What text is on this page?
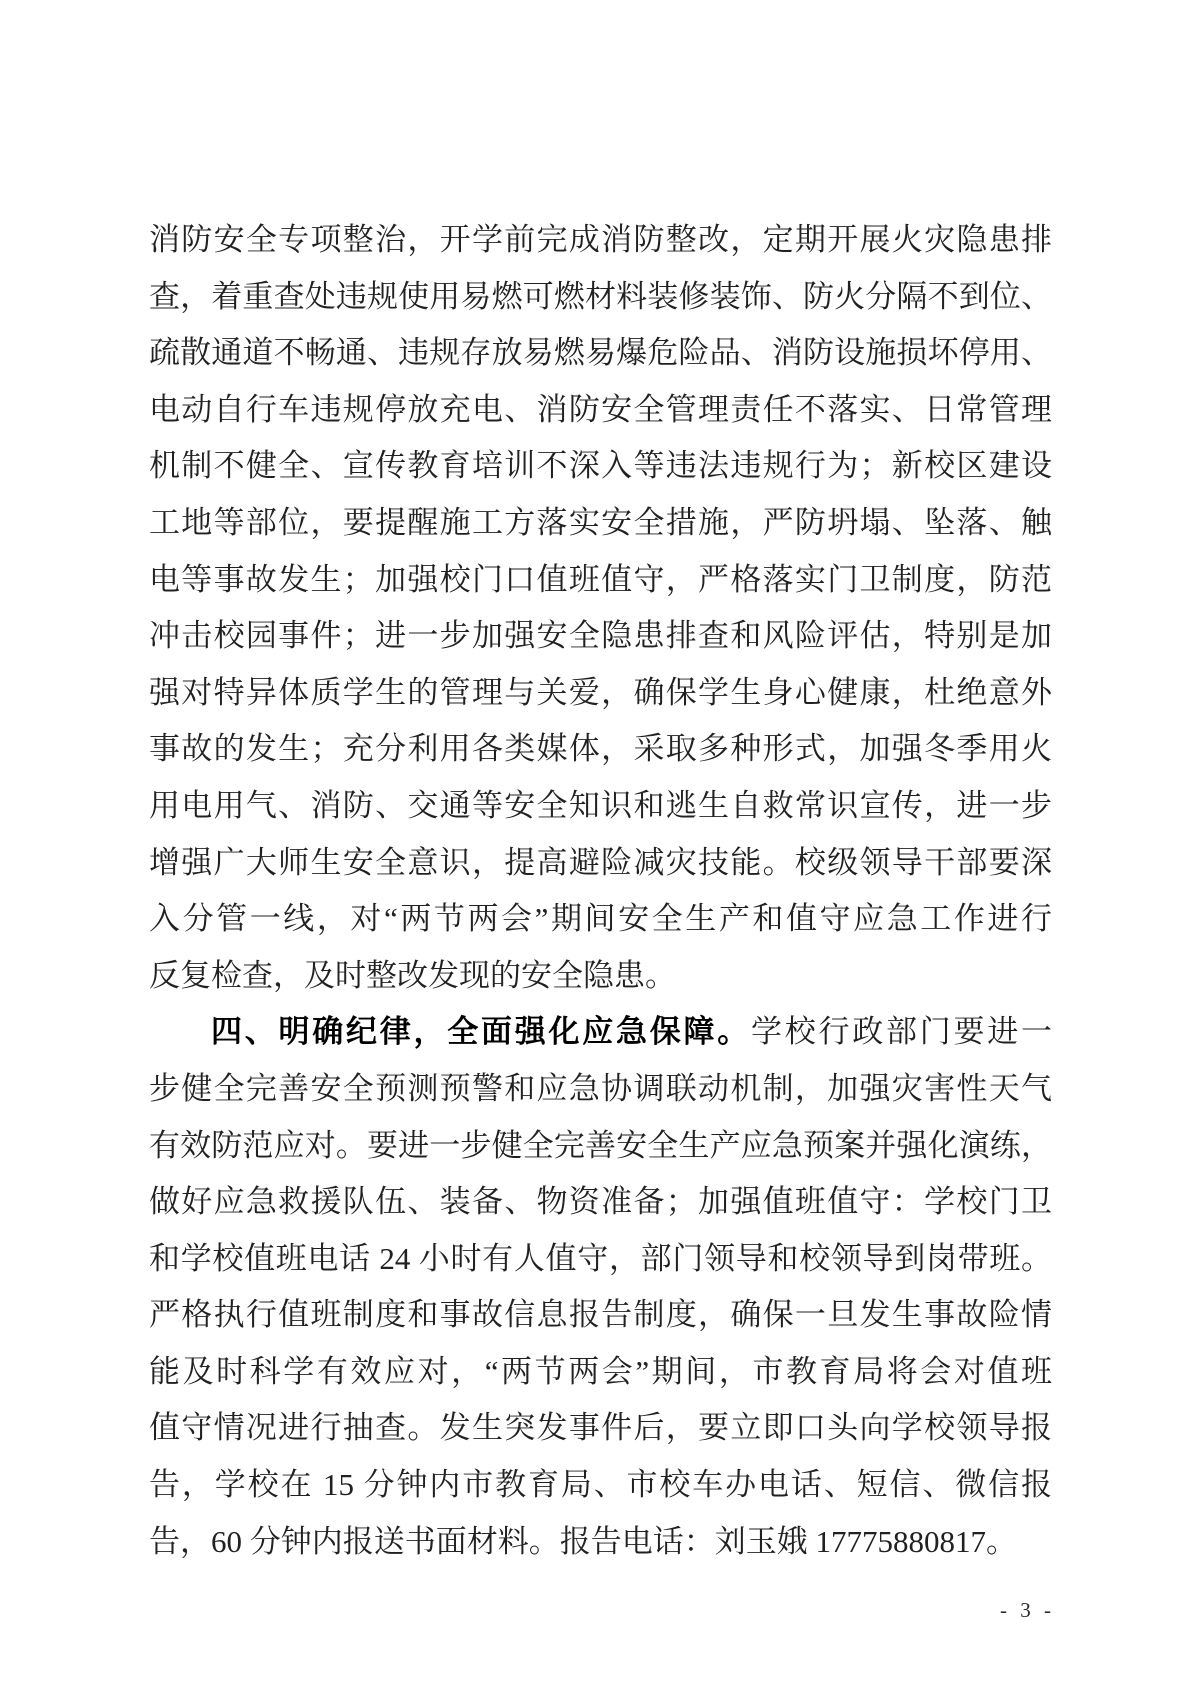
消防安全专项整治，开学前完成消防整改，定期开展火灾隐患排
查，着重查处违规使用易燃可燃材料装修装饰、防火分隔不到位、
疏散通道不畅通、违规存放易燃易爆危险品、消防设施损坏停用、
电动自行车违规停放充电、消防安全管理责任不落实、日常管理
机制不健全、宣传教育培训不深入等违法违规行为；新校区建设
工地等部位，要提醒施工方落实安全措施，严防坍塌、坠落、触
电等事故发生；加强校门口值班值守，严格落实门卫制度，防范
冲击校园事件；进一步加强安全隐患排查和风险评估，特别是加
强对特异体质学生的管理与关爱，确保学生身心健康，杜绝意外
事故的发生；充分利用各类媒体，采取多种形式，加强冬季用火
用电用气、消防、交通等安全知识和逃生自救常识宣传，进一步
增强广大师生安全意识，提高避险减灾技能。校级领导干部要深
入分管一线，对“两节两会”期间安全生产和值守应急工作进行
反复检查，及时整改发现的安全隐患。
四、明确纪律，全面强化应急保障。学校行政部门要进一
步健全完善安全预测预警和应急协调联动机制，加强灾害性天气
有效防范应对。要进一步健全完善安全生产应急预案并强化演练，
做好应急救援队伍、装备、物资准备；加强值班值守：学校门卫
和学校值班电话 24 小时有人值守，部门领导和校领导到岗带班。
严格执行值班制度和事故信息报告制度，确保一旦发生事故险情
能及时科学有效应对，“两节两会”期间，市教育局将会对值班
值守情况进行抽查。发生突发事件后，要立即口头向学校领导报
告，学校在 15 分钟内市教育局、市校车办电话、短信、微信报
告，60 分钟内报送书面材料。报告电话：刘玉娥 17775880817。
- 3 -
